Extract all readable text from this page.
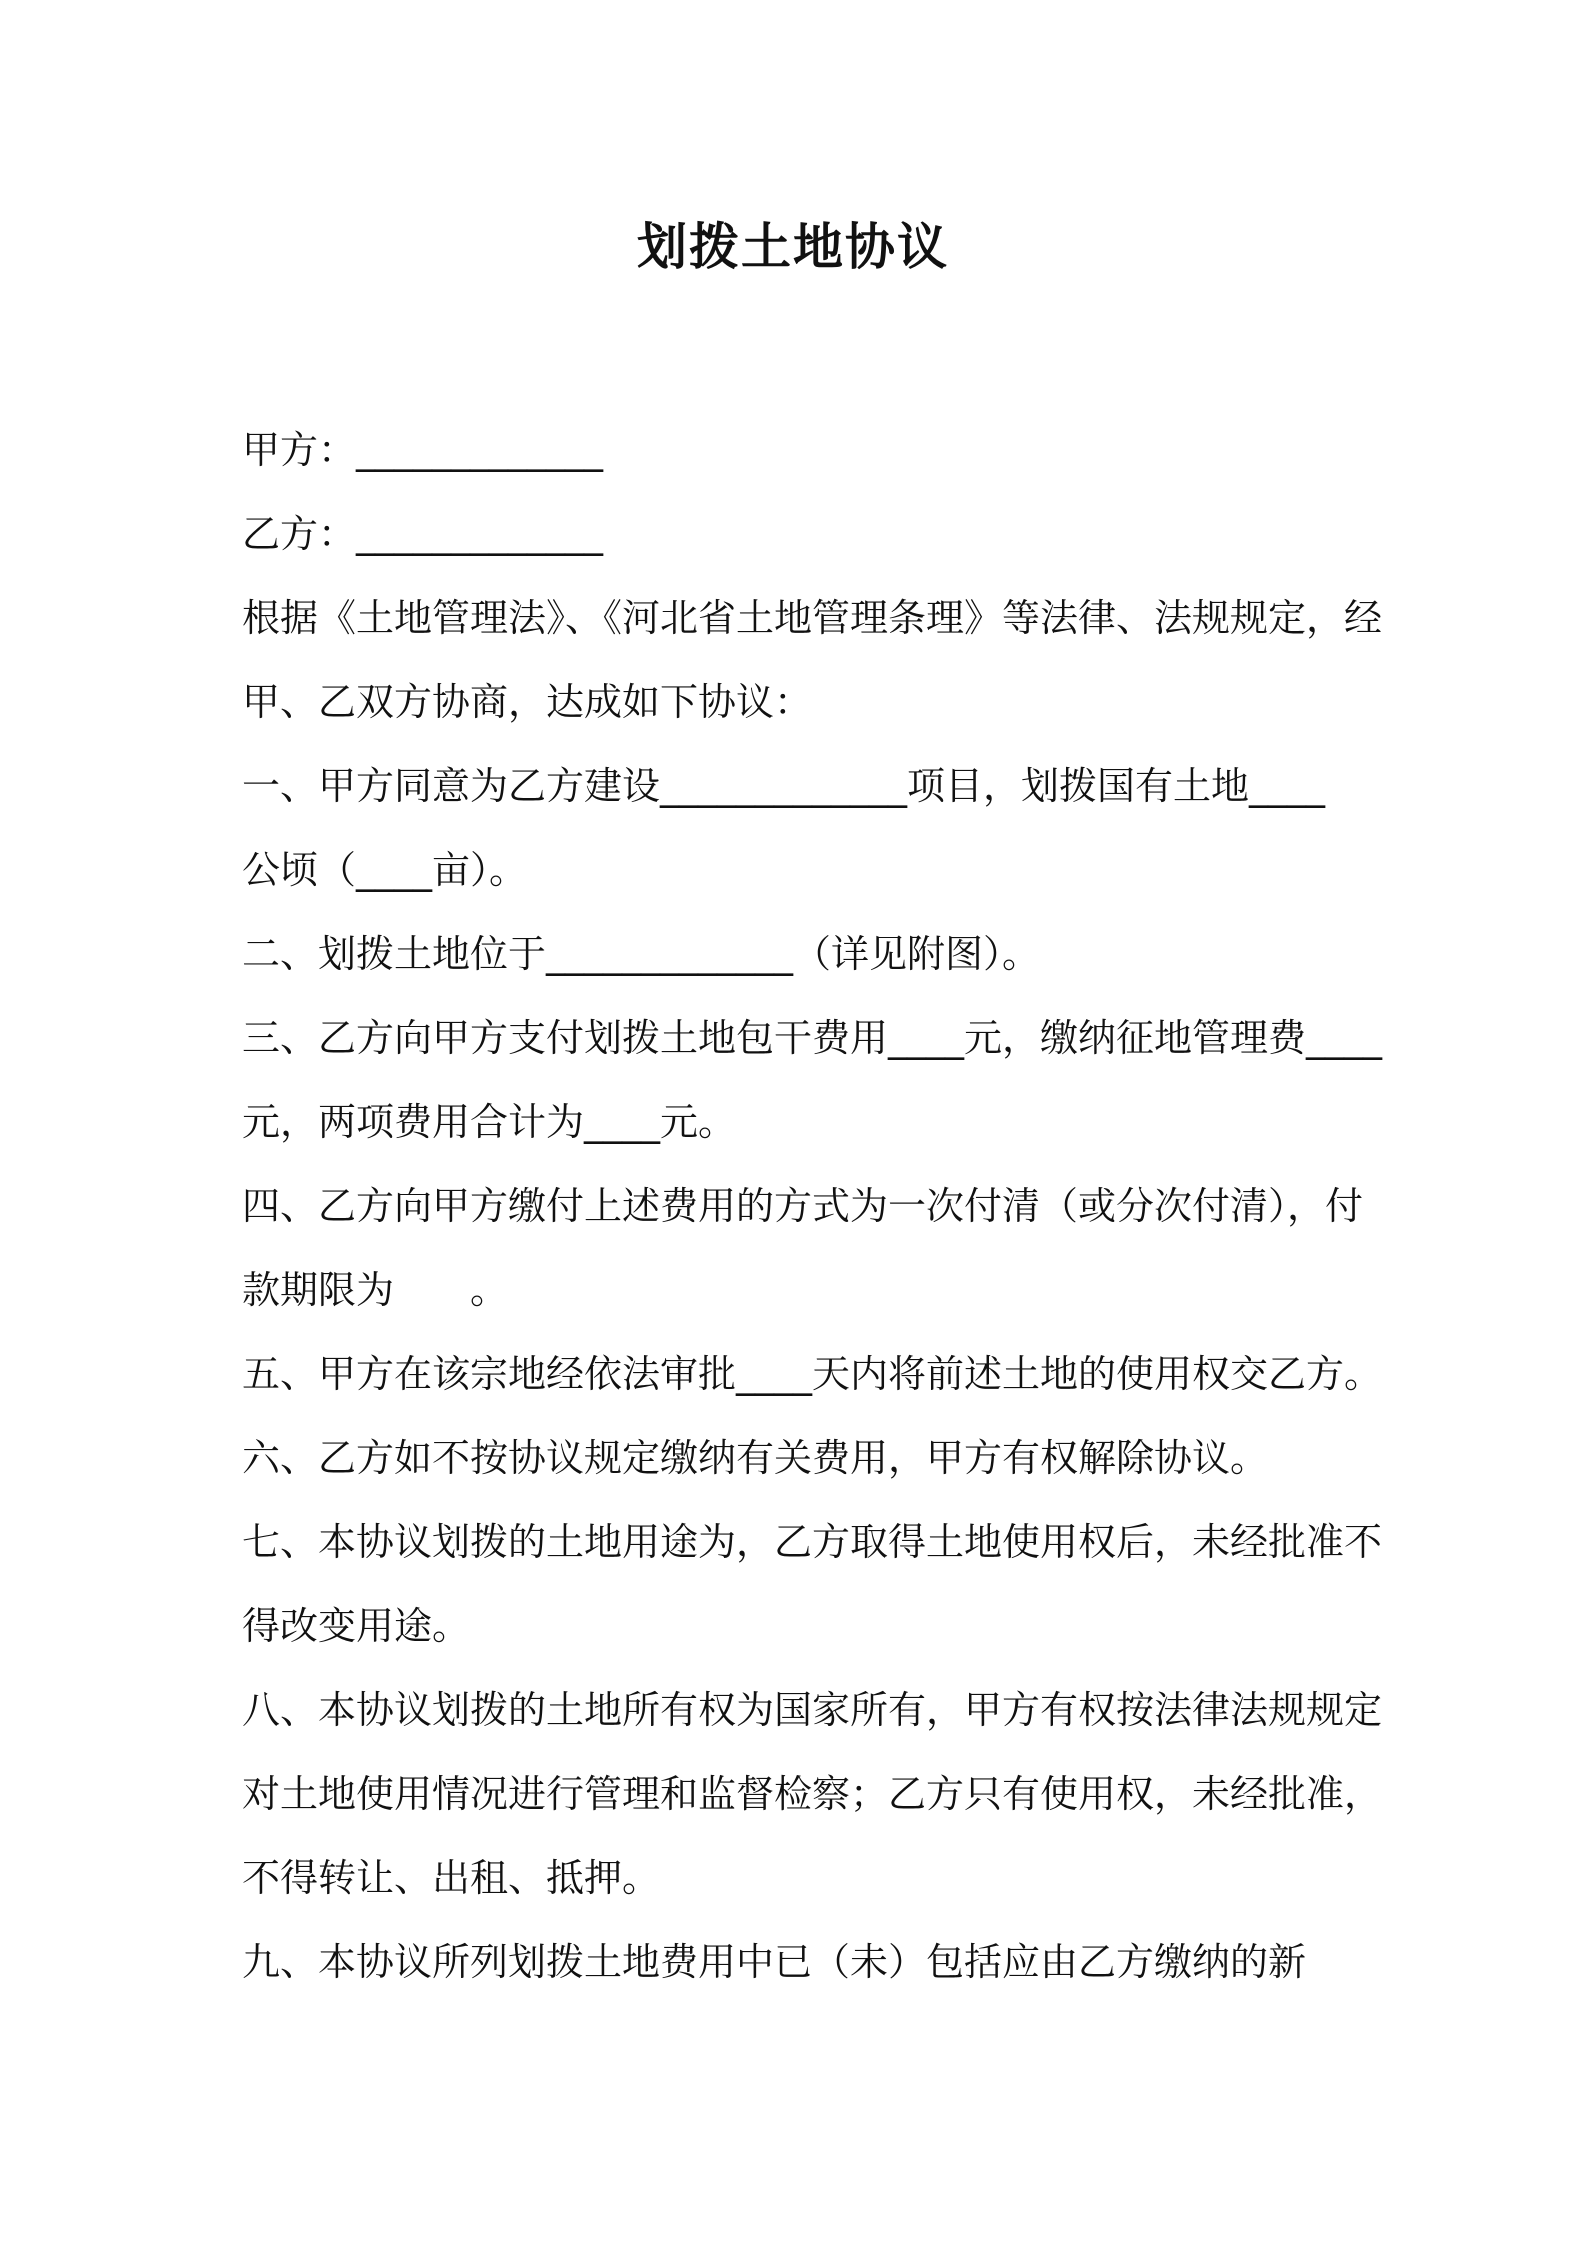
划拨土地协议
甲方：_____________
乙方：_____________
根据《土地管理法》、《河北省土地管理条理》等法律、法规规定，经
甲、乙双方协商，达成如下协议：
一、甲方同意为乙方建设_____________项目，划拨国有土地____
公顷（____亩）。
二、划拨土地位于_____________（详见附图）。
三、乙方向甲方支付划拨土地包干费用____元，缴纳征地管理费____
元，两项费用合计为____元。
四、乙方向甲方缴付上述费用的方式为一次付清（或分次付清），付
款期限为　　。
五、甲方在该宗地经依法审批____天内将前述土地的使用权交乙方。
六、乙方如不按协议规定缴纳有关费用，甲方有权解除协议。
七、本协议划拨的土地用途为，乙方取得土地使用权后，未经批准不
得改变用途。
八、本协议划拨的土地所有权为国家所有，甲方有权按法律法规规定
对土地使用情况进行管理和监督检察；乙方只有使用权，未经批准，
不得转让、出租、抵押。
九、本协议所列划拨土地费用中已（未）包括应由乙方缴纳的新
